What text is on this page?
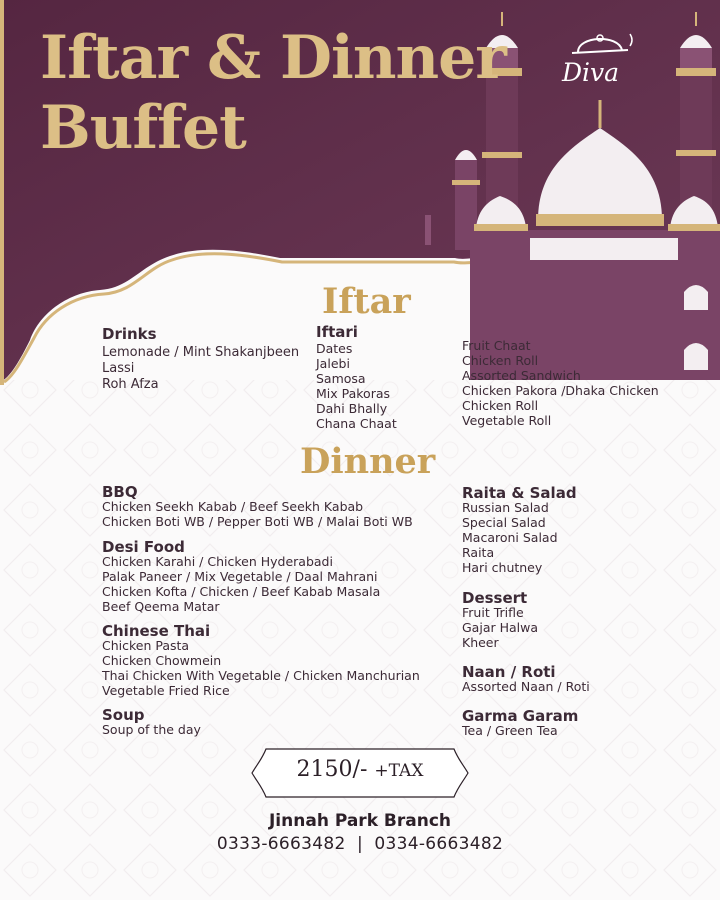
Iftar & Dinner
Buffet
Diva
Iftar
Drinks
Lemonade / Mint Shakanjbeen
Lassi
Roh Afza
Iftari
Dates
Jalebi
Samosa
Mix Pakoras
Dahi Bhally
Chana Chaat
Fruit Chaat
Chicken Roll
Assorted Sandwich
Chicken Pakora /Dhaka Chicken
Chicken Roll
Vegetable Roll
Dinner
BBQ
Chicken Seekh Kabab / Beef Seekh Kabab
Chicken Boti WB / Pepper Boti WB / Malai Boti WB
Desi Food
Chicken Karahi / Chicken Hyderabadi
Palak Paneer / Mix Vegetable / Daal Mahrani
Chicken Kofta / Chicken / Beef Kabab Masala
Beef Qeema Matar
Chinese Thai
Chicken Pasta
Chicken Chowmein
Thai Chicken With Vegetable / Chicken Manchurian
Vegetable Fried Rice
Soup
Soup of the day
Raita & Salad
Russian Salad
Special Salad
Macaroni Salad
Raita
Hari chutney
Dessert
Fruit Trifle
Gajar Halwa
Kheer
Naan / Roti
Assorted Naan / Roti
Garma Garam
Tea / Green Tea
2150/- +TAX
Jinnah Park Branch
0333-6663482  |  0334-6663482
